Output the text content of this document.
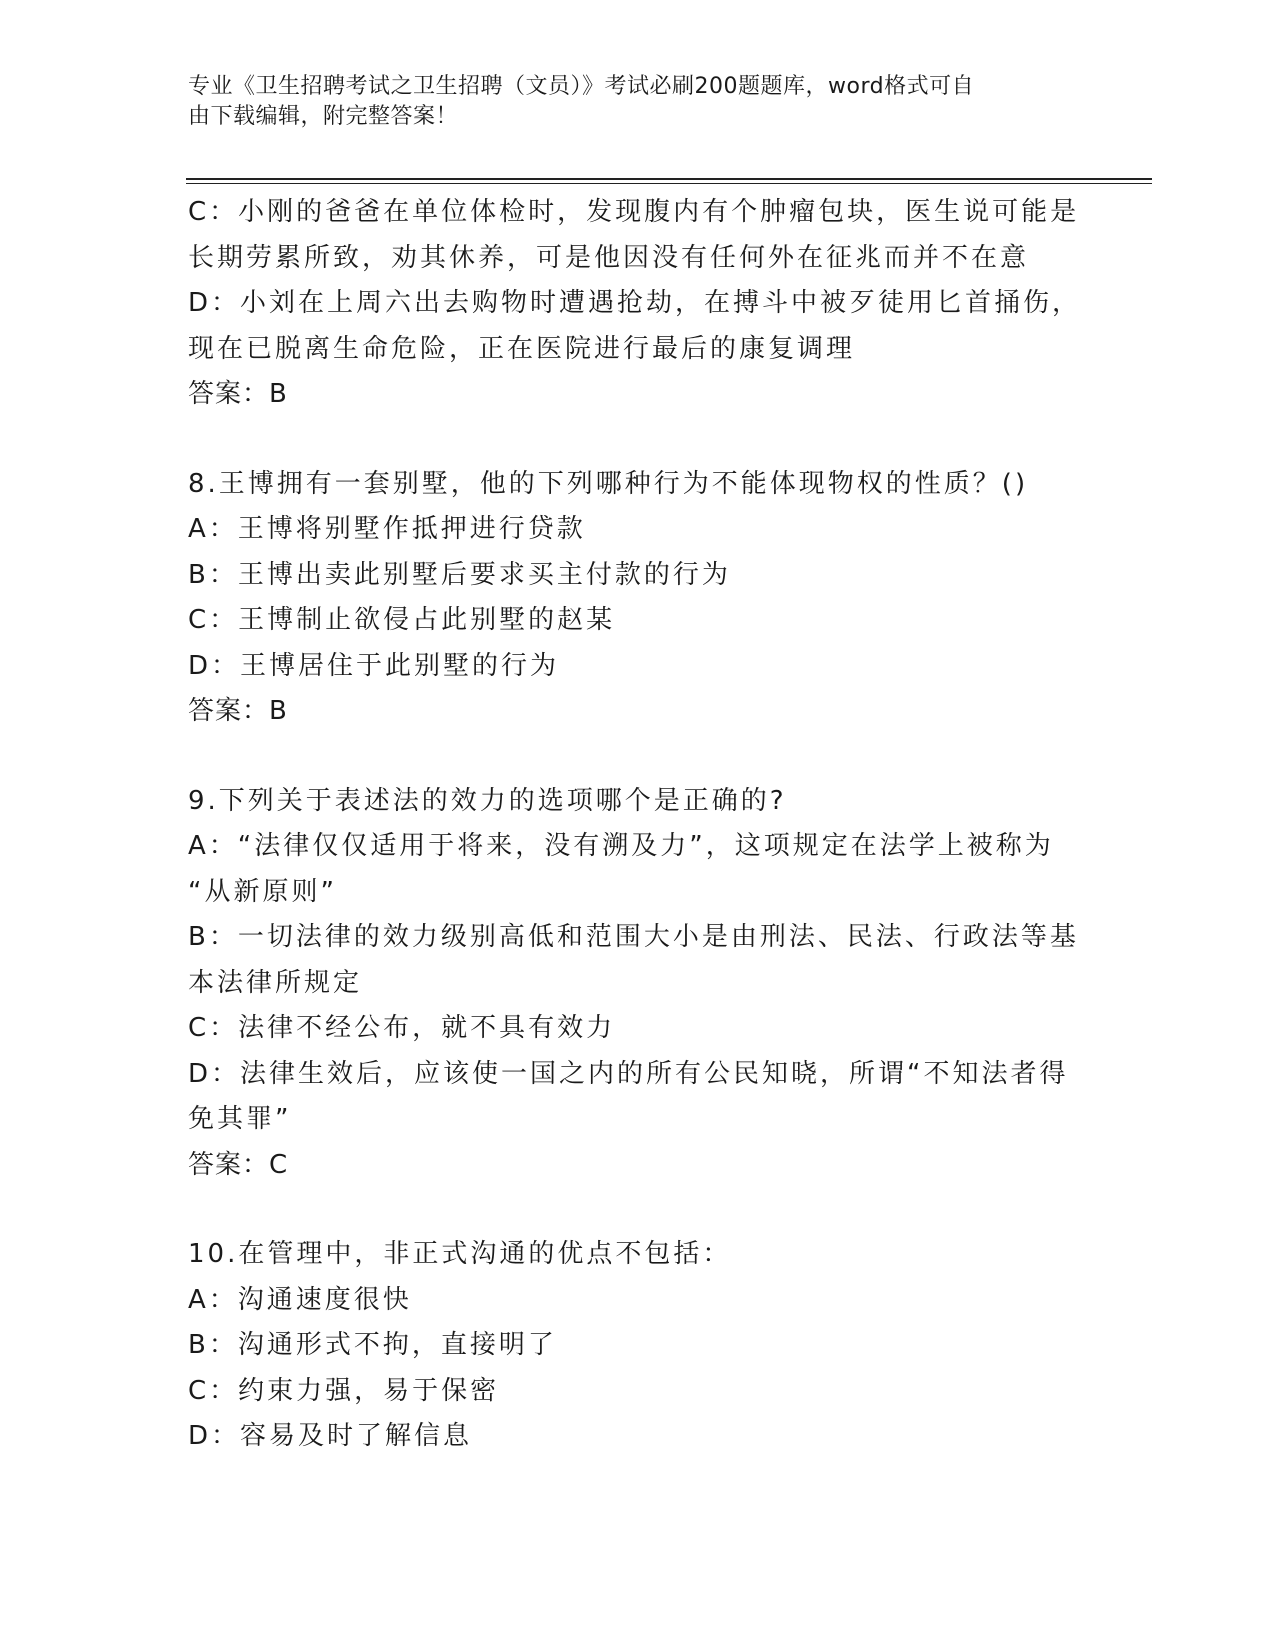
专业《卫生招聘考试之卫生招聘（文员）》考试必刷200题题库，word格式可自
由下载编辑，附完整答案！
C：小刚的爸爸在单位体检时，发现腹内有个肿瘤包块，医生说可能是
长期劳累所致，劝其休养，可是他因没有任何外在征兆而并不在意
D：小刘在上周六出去购物时遭遇抢劫，在搏斗中被歹徒用匕首捅伤，
现在已脱离生命危险，正在医院进行最后的康复调理
答案：B
8.王博拥有一套别墅，他的下列哪种行为不能体现物权的性质？()
A：王博将别墅作抵押进行贷款
B：王博出卖此别墅后要求买主付款的行为
C：王博制止欲侵占此别墅的赵某
D：王博居住于此别墅的行为
答案：B
9.下列关于表述法的效力的选项哪个是正确的?
A：“法律仅仅适用于将来，没有溯及力”，这项规定在法学上被称为
“从新原则”
B：一切法律的效力级别高低和范围大小是由刑法、民法、行政法等基
本法律所规定
C：法律不经公布，就不具有效力
D：法律生效后，应该使一国之内的所有公民知晓，所谓“不知法者得
免其罪”
答案：C
10.在管理中，非正式沟通的优点不包括：
A：沟通速度很快
B：沟通形式不拘，直接明了
C：约束力强，易于保密
D：容易及时了解信息
